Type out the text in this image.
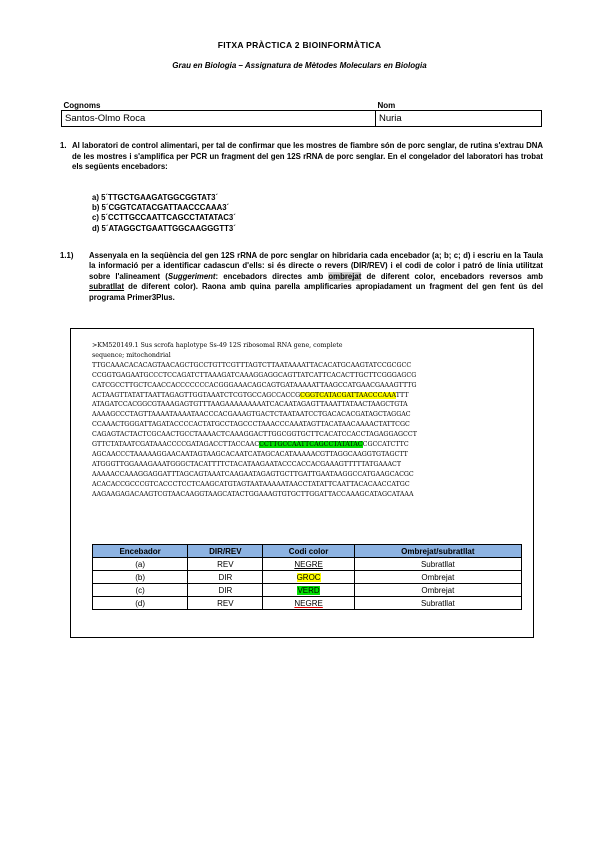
FITXA PRÀCTICA 2 BIOINFORMÀTICA
Grau en Biologia – Assignatura de Mètodes Moleculars en Biologia
Cognoms	Nom
Santos-Olmo Roca	Nuria
1. Al laboratori de control alimentari, per tal de confirmar que les mostres de fiambre són de porc senglar, de rutina s'extrau DNA de les mostres i s'amplifica per PCR un fragment del gen 12S rRNA de porc senglar. En el congelador del laboratori has trobat els següents encebadors:
a) 5´TTGCTGAAGATGGCGGTAT3´
b) 5´CGGTCATACGATTAACCCAAA3´
c) 5´CCTTGCCAATTCAGCCTATATAC3´
d) 5´ATAGGCTGAATTGGCAAGGGTT3´
1.1) Assenyala en la seqüència del gen 12S rRNA de porc senglar on hibridaria cada encebador (a; b; c; d) i escriu en la Taula la informació per a identificar cadascun d'ells: si és directe o revers (DIR/REV) i el codi de color i patró de línia utilitzat sobre l'alineament (Suggeriment: encebadors directes amb ombrejat de diferent color, encebadors reversos amb subratllat de diferent color). Raona amb quina parella amplificaries apropiadament un fragment del gen fent ús del programa Primer3Plus.
>KM520149.1 Sus scrofa haplotype Ss-49 12S ribosomal RNA gene, complete
sequence; mitochondrial
TTGCAAACACACAGTAACAGCTGCCTGTTCGTTTAGTCTTAATAAAATTACACATGCAAGTATCCGCGCC
CCGGTGAGAATGCCCTCCAGATCTTAAAGATCAAAGGAGGCAGTTATCATTCACACTTGCTTCGGGAGCG
CATCGCCTTGCTCAACCACCCCCCCACGGGAAACAGCAGTGATAAAAATTAAGCCATGAACGAAAGTTTG
ACTAAGTTATATTAATTAGAGTTGGTAAATCTCGTGCCAGCCACCGCGGTCATACGATTAACCCAAATTT
ATAGATCCACGGCGTAAAGAGTGTTTAAGAAAAAAAAATCACAATAGAGTTAAATTATAACTAAGCTGTA
AAAAGCCCTAGTTAAAATAAAATAACCCACGAAAGTGACTCTAATAATCCTGACACACGATAGCTAGGAC
CCAAACTGGGATTAGATACCCCACTATGCCTAGCCCTAAACCCAAATAGTTACATAACAAAACTATTCGC
CAGAGTACTACTCGCAACTGCCTAAAACTCAAAGGACTTGGCGGTGCTTCACATCCACCTAGAGGAGCCT
GTTCTATAATCGATAAACCCCGATAGACCTTACCAACCCTTGCCAATTCAGCCTATATACCGCCATCTTC
AGCAACCCTAAAAAGGAACAATAGTAAGCACAATCATAGCACATAAAAACGTTAGGCAAGGTGTAGCTT
ATGGGTTGGAAAGAAATGGGCTACATTTTCTACATAAGAATACCCACCACGAAAGTTTTTATGAAACT
AAAAACCAAAGGAGGATTTAGCAGTAAATCAAGAATAGAGTGCTTGATTGAATAAGGCCATGAAGCACGC
ACACACCGCCCGTCACCCTCCTCAAGCATGTAGTAATAAAAATAACCTATATTCAATTACACAACCATGC
AAGAAGAGACAAGTCGTAACAAGGTAAGCATACTGGAAAGTGTGCTTGGATTACCAAAGCATAGCATAAA
Encebador	DIR/REV	Codi color	Ombrejat/subratllat
(a)	REV	NEGRE	Subratllat
(b)	DIR	GROC	Ombrejat
(c)	DIR	VERD	Ombrejat
(d)	REV	NEGRE	Subratllat
